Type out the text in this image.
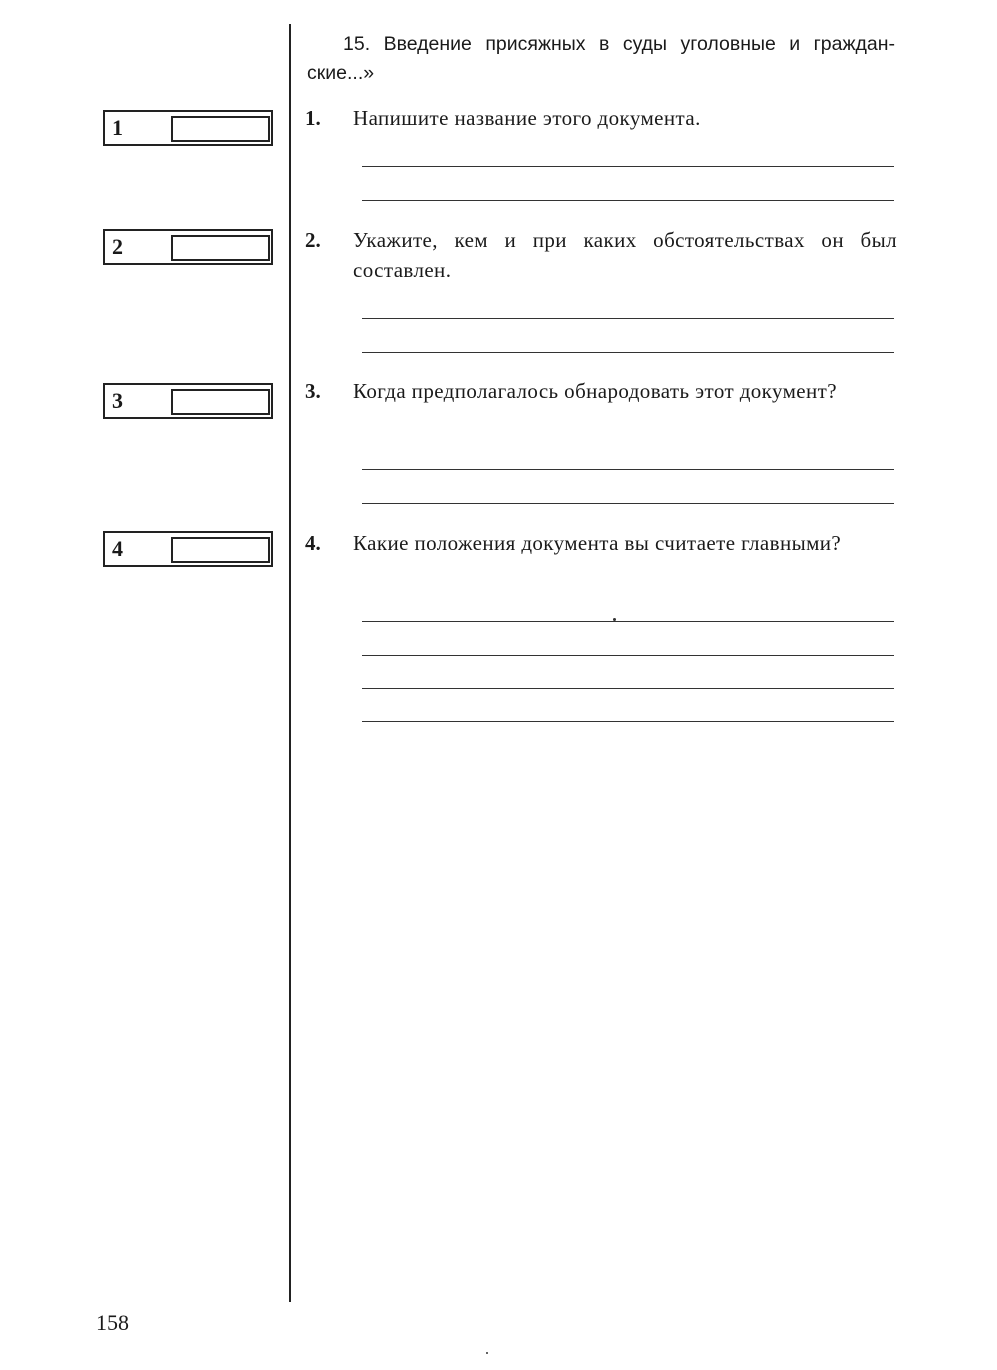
15. Введение присяжных в суды уголовные и граждан-ские...»
1
2
3
4
1. Напишите название этого документа.
2. Укажите, кем и при каких обстоятельствах он был составлен.
3. Когда предполагалось обнародовать этот документ?
4. Какие положения документа вы считаете главными?
158
